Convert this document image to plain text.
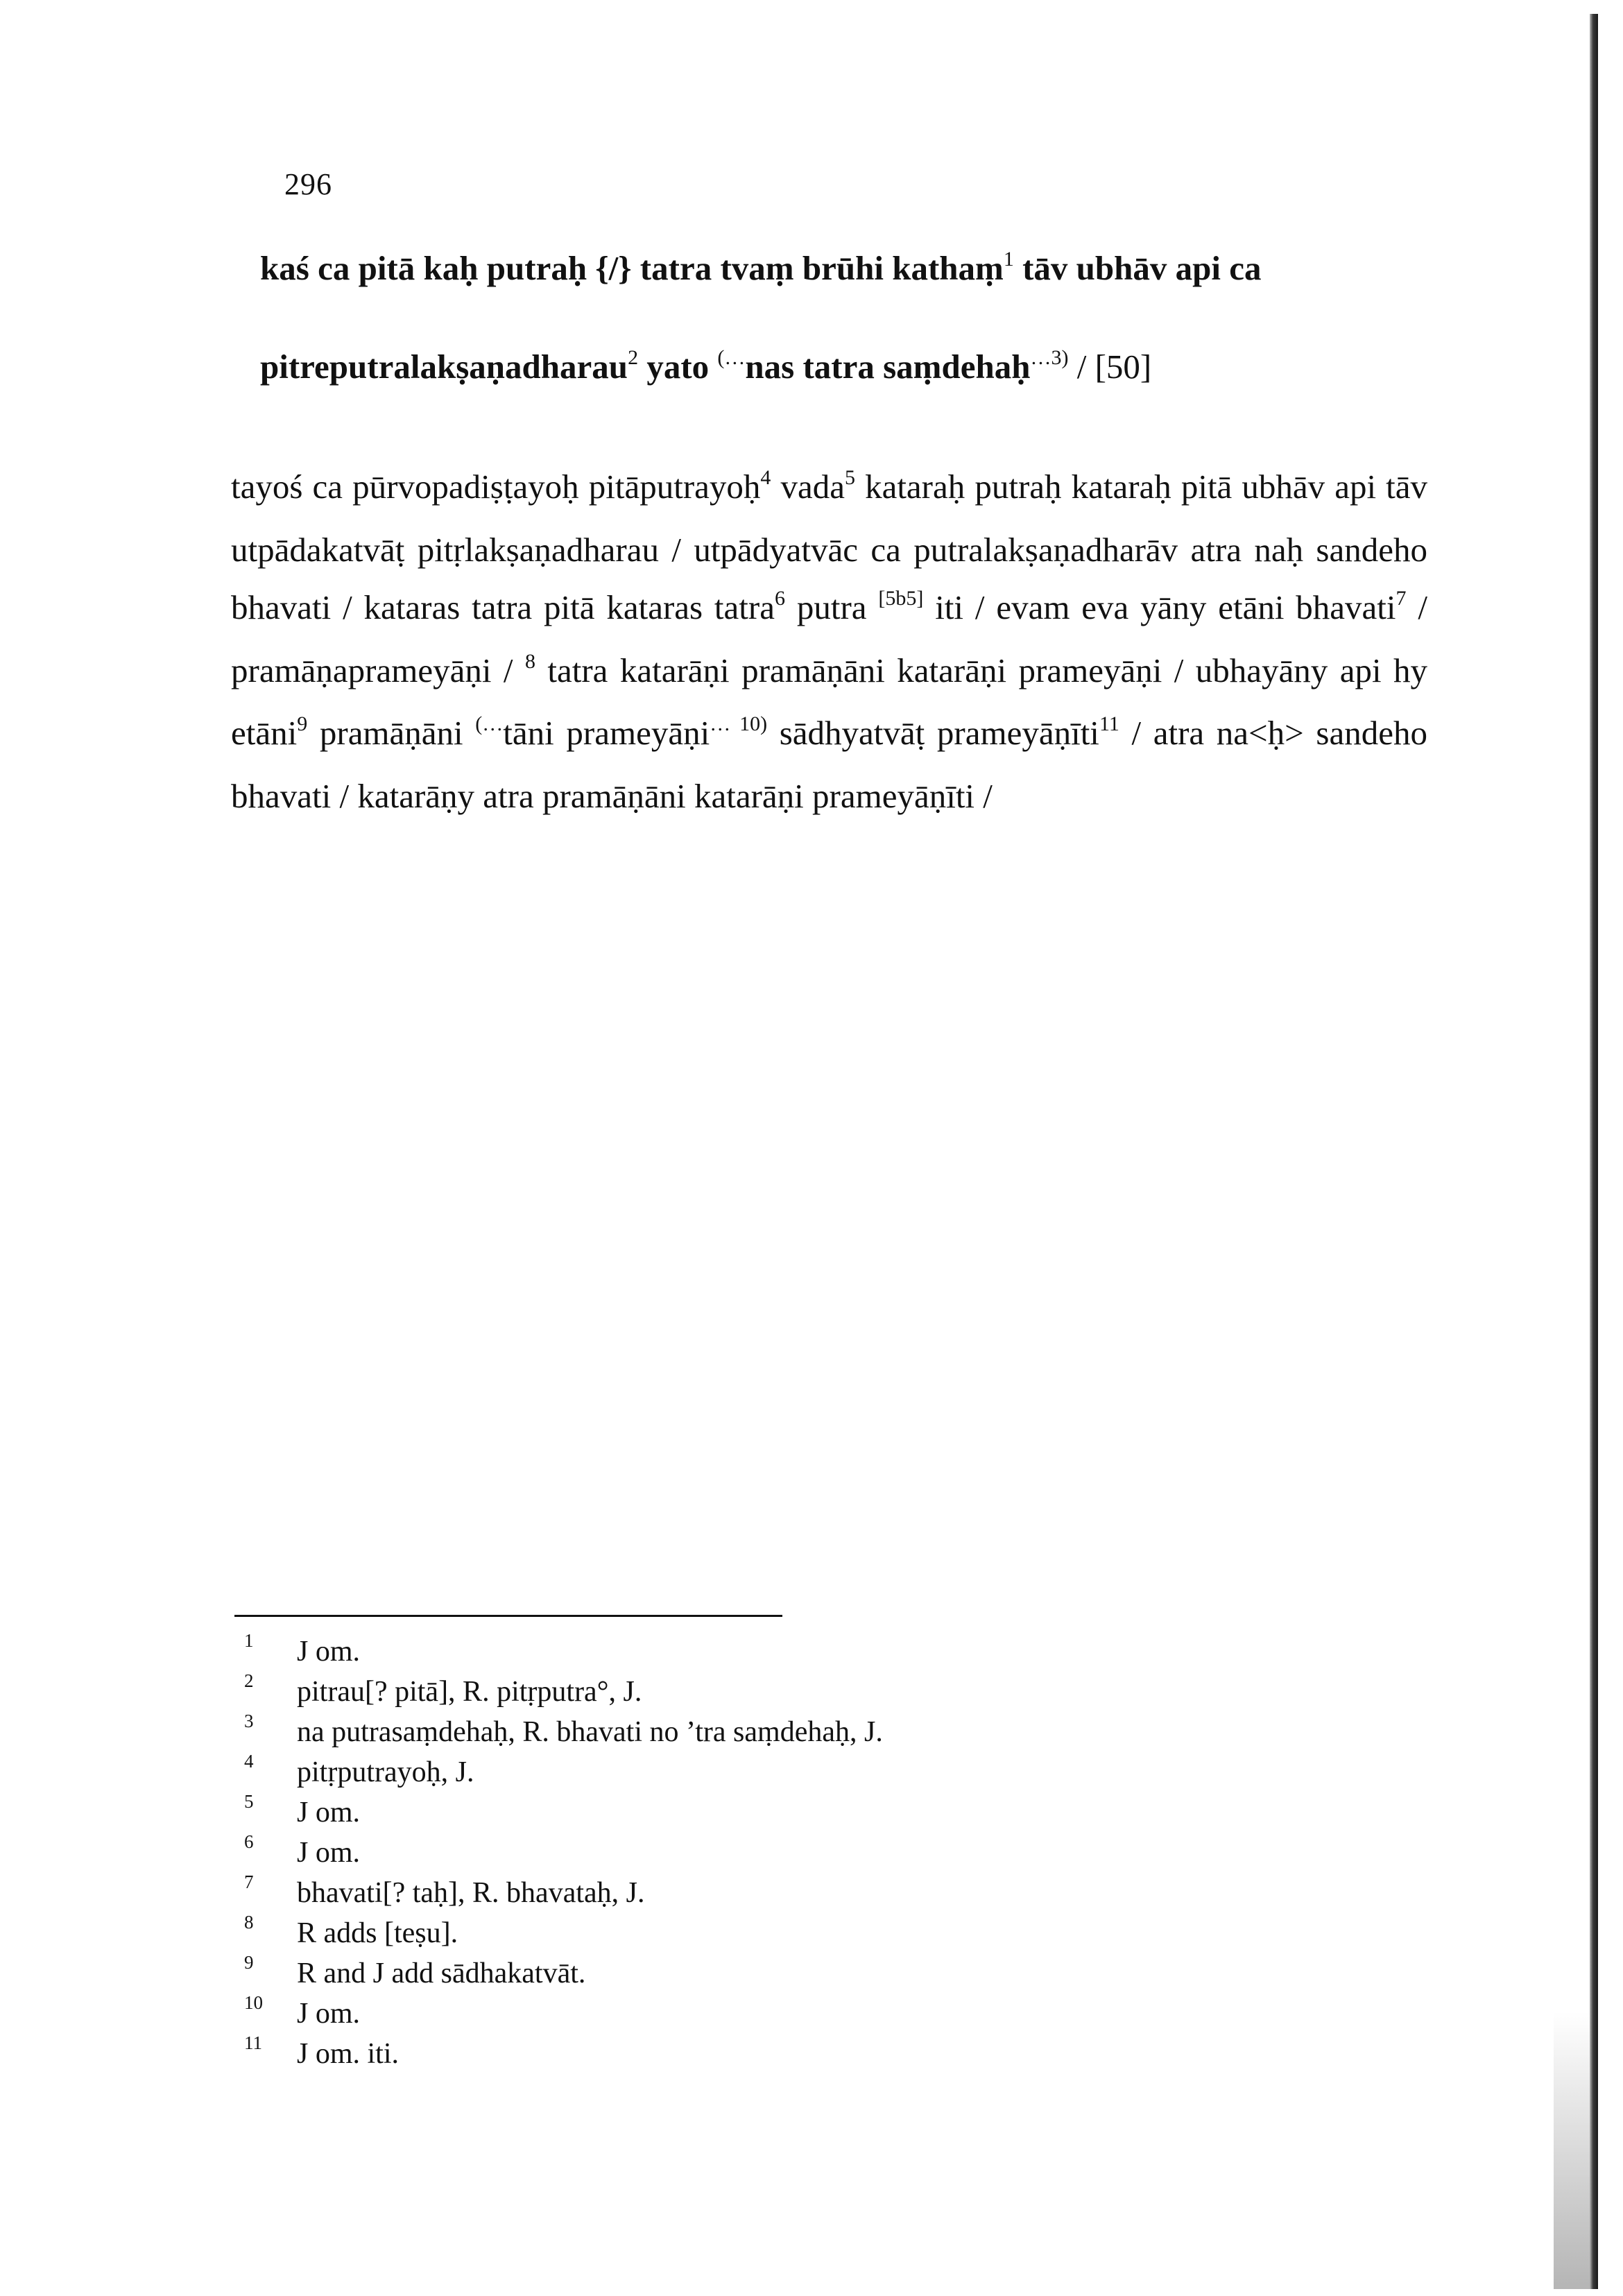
296
kaś ca pitā kaḥ putraḥ {/} tatra tvaṃ brūhi kathaṃ$^1$ tāv ubhāv api ca
pitreputralakṣaṇadharau$^2$ yato (…nas tatra saṃdehaḥ$^{\dots 3)}$ / [50]

tayoś ca pūrvopadiṣṭayoḥ pitāputrayoḥ$^4$ vada$^5$ kataraḥ putraḥ kataraḥ pitā ubhāv api tāv utpādakatvāṭ pitṛlakṣaṇadharau / utpādyatvāc ca putralakṣaṇadharāv atra naḥ sandeho bhavati / kataras tatra pitā kataras tatra$^6$ putra [5b5] iti / evam eva yāny etāni bhavati$^7$ / pramāṇaprameyāṇi / $^8$ tatra katarāṇi pramāṇāni katarāṇi prameyāṇi / ubhayāny api hy etāni$^9$ pramāṇāni (…tāni prameyāṇi$^{\dots 10)}$ sādhyatvāṭ prameyāṇīti$^{11}$ / atra na<ḥ> sandeho bhavati / katarāṇy atra pramāṇāni katarāṇi prameyāṇīti /

1	J om.
2	pitrau[? pitā], R. pitṛputra°, J.
3	na putrasaṃdehaḥ, R. bhavati no ’tra saṃdehaḥ, J.
4	pitṛputrayoḥ, J.
5	J om.
6	J om.
7	bhavati[? taḥ], R. bhavataḥ, J.
8	R adds [teṣu].
9	R and J add sādhakatvāt.
10	J om.
11	J om. iti.
